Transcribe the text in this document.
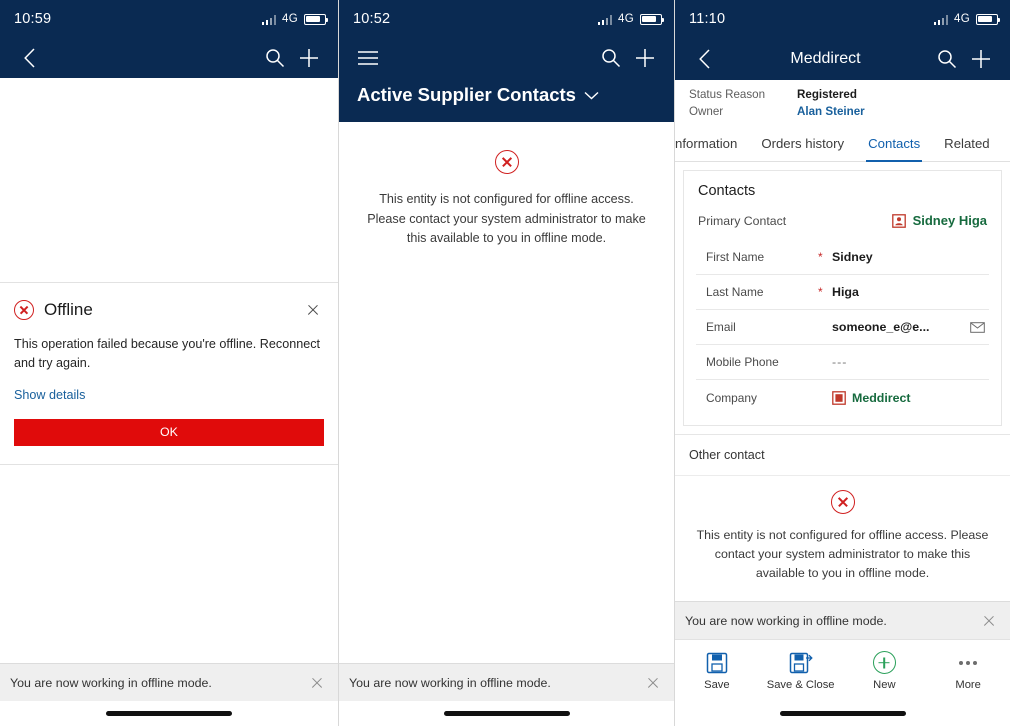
10:59	4G
Offline
This operation failed because you're offline. Reconnect and try again.
Show details
OK
You are now working in offline mode.
10:52	4G
Active Supplier Contacts
This entity is not configured for offline access. Please contact your system administrator to make this available to you in offline mode.
You are now working in offline mode.
11:10	4G
Meddirect
Status Reason	Registered
Owner	Alan Steiner
nformation	Orders history	Contacts	Related
Contacts
Primary Contact	Sidney Higa
First Name	* Sidney
Last Name	* Higa
Email	someone_e@e...
Mobile Phone	---
Company	Meddirect
Other contact
This entity is not configured for offline access. Please contact your system administrator to make this available to you in offline mode.
You are now working in offline mode.
Save	Save & Close	New	More
